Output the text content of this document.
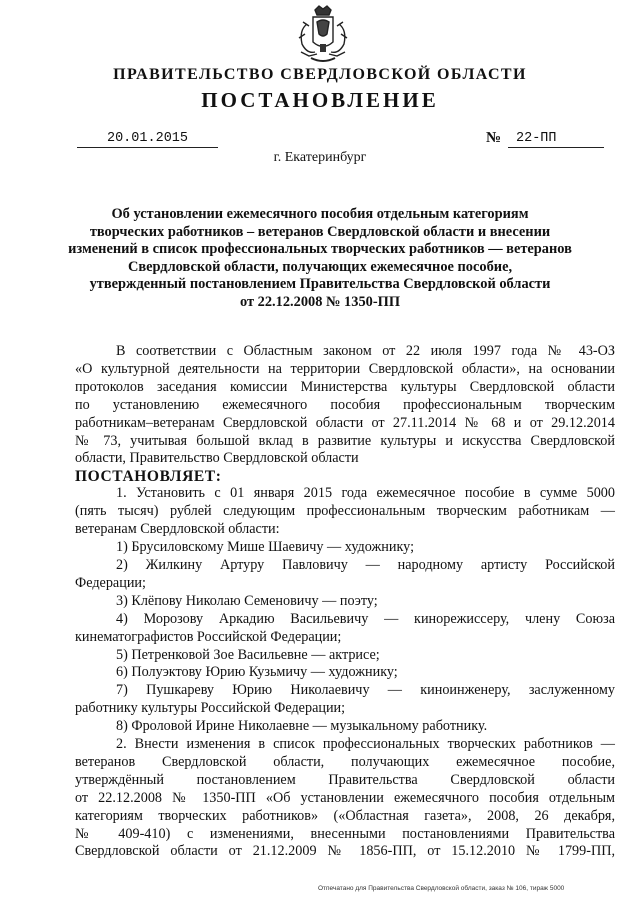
ПРАВИТЕЛЬСТВО СВЕРДЛОВСКОЙ ОБЛАСТИ
ПОСТАНОВЛЕНИЕ
20.01.2015	№	22-ПП
г. Екатеринбург
Об установлении ежемесячного пособия отдельным категориям
творческих работников – ветеранов Свердловской области и внесении
изменений в список профессиональных творческих работников — ветеранов
Свердловской области, получающих ежемесячное пособие,
утвержденный постановлением Правительства Свердловской области
от 22.12.2008 № 1350-ПП
В соответствии с Областным законом от 22 июля 1997 года № 43-ОЗ
«О культурной деятельности на территории Свердловской области», на основании
протоколов заседания комиссии Министерства культуры Свердловской области
по установлению ежемесячного пособия профессиональным творческим
работникам–ветеранам Свердловской области от 27.11.2014 № 68 и от 29.12.2014
№ 73, учитывая большой вклад в развитие культуры и искусства Свердловской
области, Правительство Свердловской области
ПОСТАНОВЛЯЕТ:
1. Установить с 01 января 2015 года ежемесячное пособие в сумме 5000
(пять тысяч) рублей следующим профессиональным творческим работникам —
ветеранам Свердловской области:
1) Брусиловскому Мише Шаевичу — художнику;
2) Жилкину Артуру Павловичу — народному артисту Российской
Федерации;
3) Клёпову Николаю Семеновичу — поэту;
4) Морозову Аркадию Васильевичу — кинорежиссеру, члену Союза
кинематографистов Российской Федерации;
5) Петренковой Зое Васильевне — актрисе;
6) Полуэктову Юрию Кузьмичу — художнику;
7) Пушкареву Юрию Николаевичу — киноинженеру, заслуженному
работнику культуры Российской Федерации;
8) Фроловой Ирине Николаевне — музыкальному работнику.
2. Внести изменения в список профессиональных творческих работников —
ветеранов Свердловской области, получающих ежемесячное пособие,
утверждённый постановлением Правительства Свердловской области
от 22.12.2008 № 1350-ПП «Об установлении ежемесячного пособия отдельным
категориям творческих работников» («Областная газета», 2008, 26 декабря,
№ 409-410) с изменениями, внесенными постановлениями Правительства
Свердловской области от 21.12.2009 № 1856-ПП, от 15.12.2010 № 1799-ПП,
Отпечатано для Правительства Свердловской области, заказ № 106, тираж 5000
